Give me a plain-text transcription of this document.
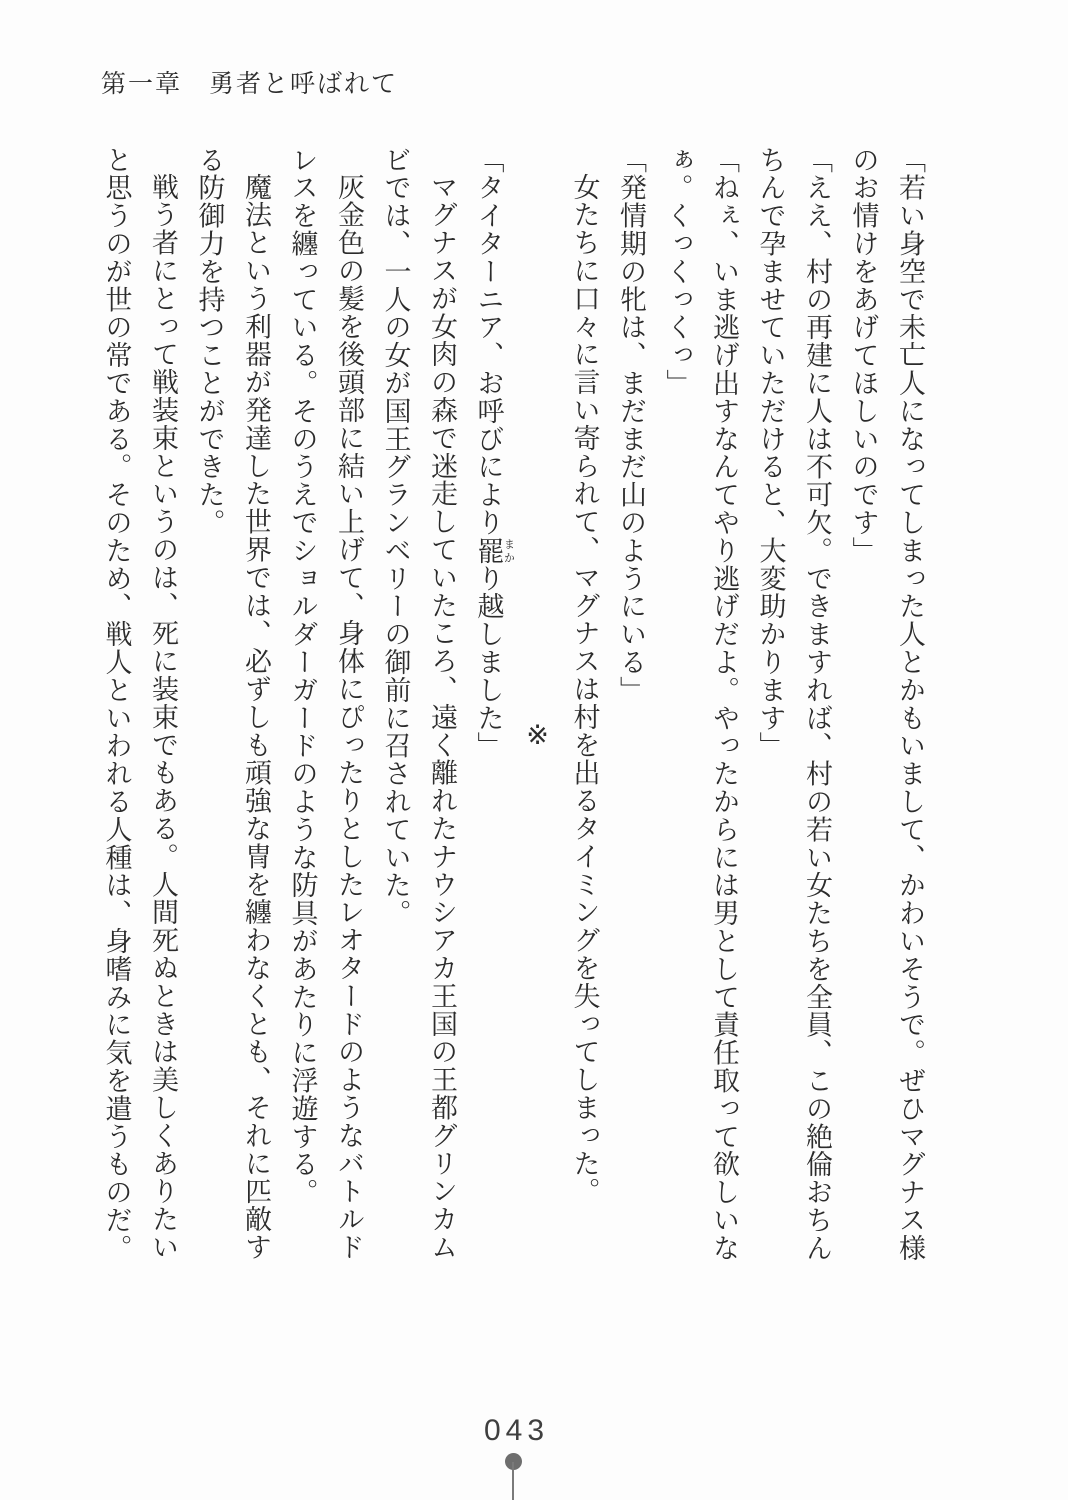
第一章　勇者と呼ばれて

「若い身空で未亡人になってしまった人とかもいまして、かわいそうで。ぜひマグナス様

のお情けをあげてほしいのです」

「ええ、村の再建に人は不可欠。できますれば、村の若い女たちを全員、この絶倫おちん

ちんで孕ませていただけると、大変助かります」

「ねぇ、いま逃げ出すなんてやり逃げだよ。やったからには男として責任取って欲しいな

ぁ。くっくっくっ」

「発情期の牝は、まだまだ山のようにいる」

女たちに口々に言い寄られて、マグナスは村を出るタイミングを失ってしまった。

※

「タイターニア、お呼びにより罷 まかり越しました」

マグナスが女肉の森で迷走していたころ、遠く離れたナウシアカ王国の王都グリンカム

ビでは、一人の女が国王グランベリーの御前に召されていた。

灰金色の髪を後頭部に結い上げて、身体にぴったりとしたレオタードのようなバトルド

レスを纏っている。そのうえでショルダーガードのような防具があたりに浮遊する。

魔法という利器が発達した世界では、必ずしも頑強な冑を纏わなくとも、それに匹敵す

る防御力を持つことができた。

戦う者にとって戦装束というのは、死に装束でもある。人間死ぬときは美しくありたい

と思うのが世の常である。そのため、戦人といわれる人種は、身嗜みに気を遣うものだ。

043
